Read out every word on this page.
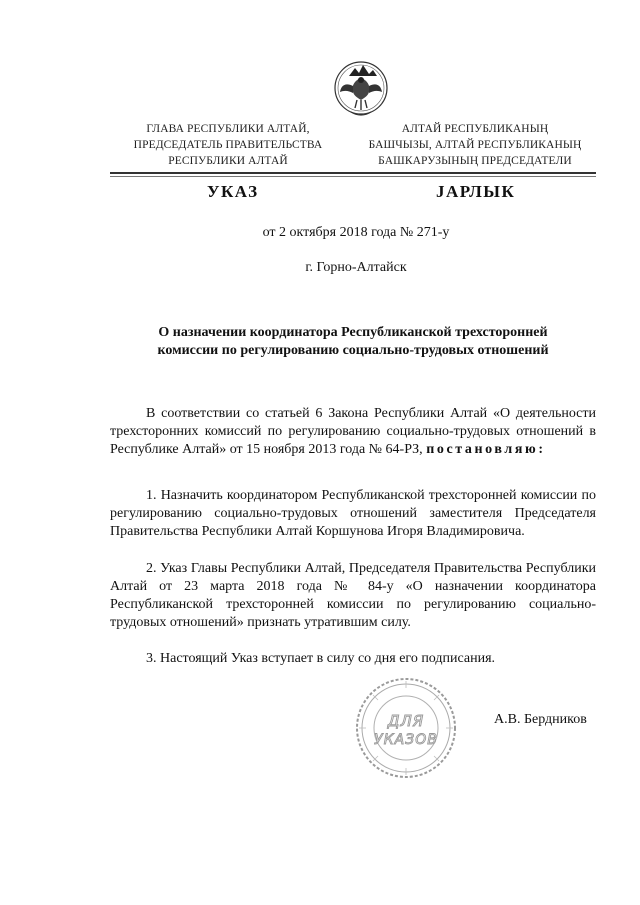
ГЛАВА РЕСПУБЛИКИ АЛТАЙ,
ПРЕДСЕДАТЕЛЬ ПРАВИТЕЛЬСТВА
РЕСПУБЛИКИ АЛТАЙ
АЛТАЙ РЕСПУБЛИКАНЫҢ
БАШЧЫЗЫ, АЛТАЙ РЕСПУБЛИКАНЫҢ
БАШКАРУЗЫНЫҢ ПРЕДСЕДАТЕЛИ
УКАЗ	ЈАРЛЫК
от 2 октября 2018 года № 271-у
г. Горно-Алтайск
О назначении координатора Республиканской трехсторонней
комиссии по регулированию социально-трудовых отношений
В соответствии со статьей 6 Закона Республики Алтай «О деятельности трехсторонних комиссий по регулированию социально-трудовых отношений в Республике Алтай» от 15 ноября 2013 года № 64-РЗ, постановляю:
1. Назначить координатором Республиканской трехсторонней комиссии по регулированию социально-трудовых отношений заместителя Председателя Правительства Республики Алтай Коршунова Игоря Владимировича.
2. Указ Главы Республики Алтай, Председателя Правительства Республики Алтай от 23 марта 2018 года № 84-у «О назначении координатора Республиканской трехсторонней комиссии по регулированию социально-трудовых отношений» признать утратившим силу.
3. Настоящий Указ вступает в силу со дня его подписания.
ДЛЯ
УКАЗОВ
А.В. Бердников
